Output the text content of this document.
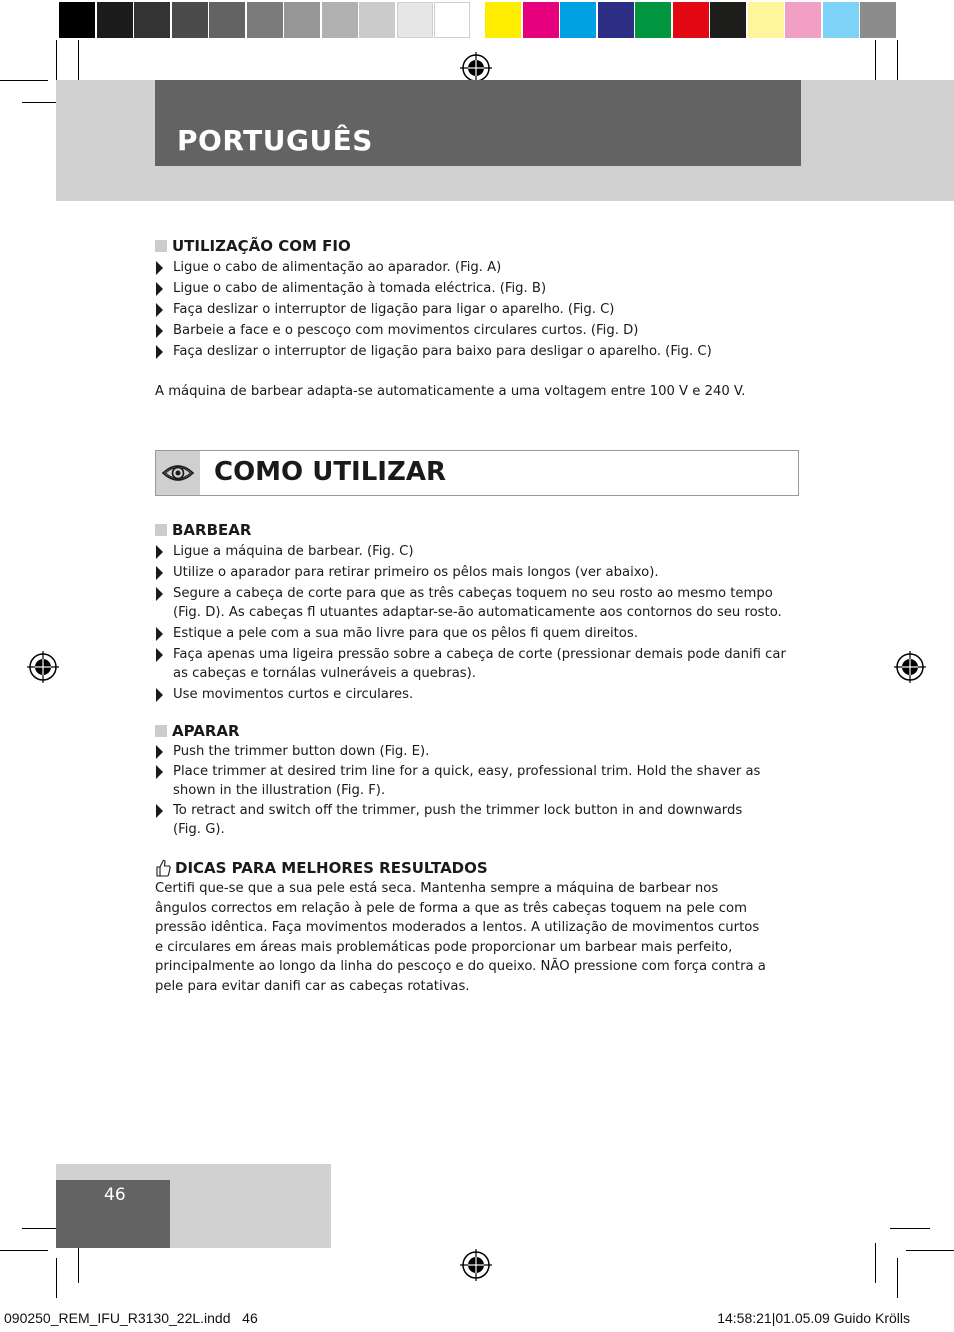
PORTUGUÊS
UTILIZAÇÃO COM FIO
Ligue o cabo de alimentação ao aparador. (Fig. A)
Ligue o cabo de alimentação à tomada eléctrica. (Fig. B)
Faça deslizar o interruptor de ligação para ligar o aparelho. (Fig. C)
Barbeie a face e o pescoço com movimentos circulares curtos. (Fig. D)
Faça deslizar o interruptor de ligação para baixo para desligar o aparelho. (Fig. C)
A máquina de barbear adapta-se automaticamente a uma voltagem entre 100 V e 240 V.
COMO UTILIZAR
BARBEAR
Ligue a máquina de barbear. (Fig. C)
Utilize o aparador para retirar primeiro os pêlos mais longos (ver abaixo).
Segure a cabeça de corte para que as três cabeças toquem no seu rosto ao mesmo tempo
(Fig. D). As cabeças fl utuantes adaptar-se-ão automaticamente aos contornos do seu rosto.
Estique a pele com a sua mão livre para que os pêlos fi quem direitos.
Faça apenas uma ligeira pressão sobre a cabeça de corte (pressionar demais pode danifi car
as cabeças e tornálas vulneráveis a quebras).
Use movimentos curtos e circulares.
APARAR
Push the trimmer button down (Fig. E).
Place trimmer at desired trim line for a quick, easy, professional trim. Hold the shaver as
shown in the illustration (Fig. F).
To retract and switch off the trimmer, push the trimmer lock button in and downwards
(Fig. G).
DICAS PARA MELHORES RESULTADOS
Certifi que-se que a sua pele está seca. Mantenha sempre a máquina de barbear nos
ângulos correctos em relação à pele de forma a que as três cabeças toquem na pele com
pressão idêntica. Faça movimentos moderados a lentos. A utilização de movimentos curtos
e circulares em áreas mais problemáticas pode proporcionar um barbear mais perfeito,
principalmente ao longo da linha do pescoço e do queixo. NÃO pressione com força contra a
pele para evitar danifi car as cabeças rotativas.
46
090250_REM_IFU_R3130_22L.indd   46	14:58:21|01.05.09 Guido Krölls
